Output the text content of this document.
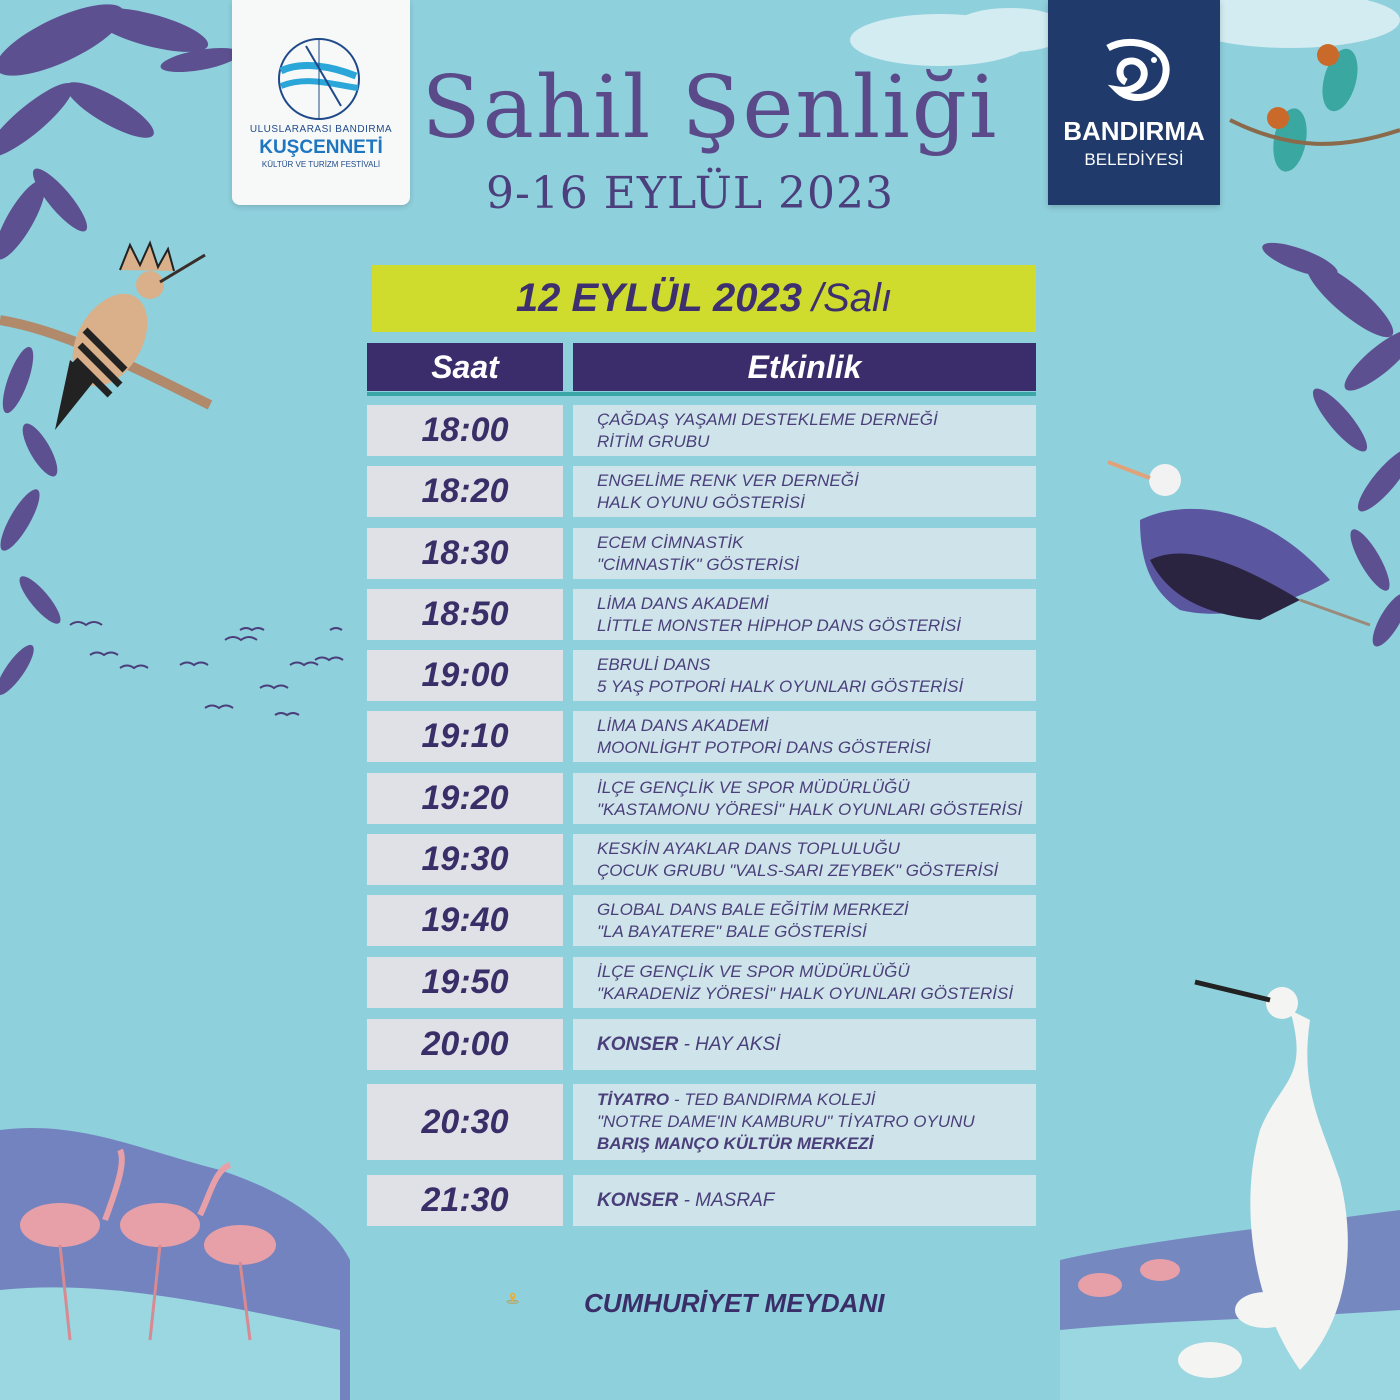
ULUSLARARASI BANDIRMA
KUŞCENNETİ
KÜLTÜR VE TURİZM FESTİVALİ
BANDIRMA
BELEDİYESİ
Sahil Şenliği
9-16 EYLÜL 2023
12 EYLÜL 2023 /Salı
Saat	Etkinlik
18:00	ÇAĞDAŞ YAŞAMI DESTEKLEME DERNEĞİ
RİTİM GRUBU
18:20	ENGELİME RENK VER DERNEĞİ
HALK OYUNU GÖSTERİSİ
18:30	ECEM CİMNASTİK
"CİMNASTİK" GÖSTERİSİ
18:50	LİMA DANS AKADEMİ
LİTTLE MONSTER HİPHOP DANS GÖSTERİSİ
19:00	EBRULİ DANS
5 YAŞ POTPORİ HALK OYUNLARI GÖSTERİSİ
19:10	LİMA DANS AKADEMİ
MOONLİGHT POTPORİ DANS GÖSTERİSİ
19:20	İLÇE GENÇLİK VE SPOR MÜDÜRLÜĞÜ
"KASTAMONU YÖRESİ" HALK OYUNLARI GÖSTERİSİ
19:30	KESKİN AYAKLAR DANS TOPLULUĞU
ÇOCUK GRUBU "VALS-SARI ZEYBEK" GÖSTERİSİ
19:40	GLOBAL DANS BALE EĞİTİM MERKEZİ
"LA BAYATERE" BALE GÖSTERİSİ
19:50	İLÇE GENÇLİK VE SPOR MÜDÜRLÜĞÜ
"KARADENİZ YÖRESİ" HALK OYUNLARI GÖSTERİSİ
20:00	KONSER - HAY AKSİ
20:30
TİYATRO - TED BANDIRMA KOLEJİ
"NOTRE DAME'IN KAMBURU" TİYATRO OYUNU
BARIŞ MANÇO KÜLTÜR MERKEZİ
21:30	KONSER - MASRAF
CUMHURİYET MEYDANI
